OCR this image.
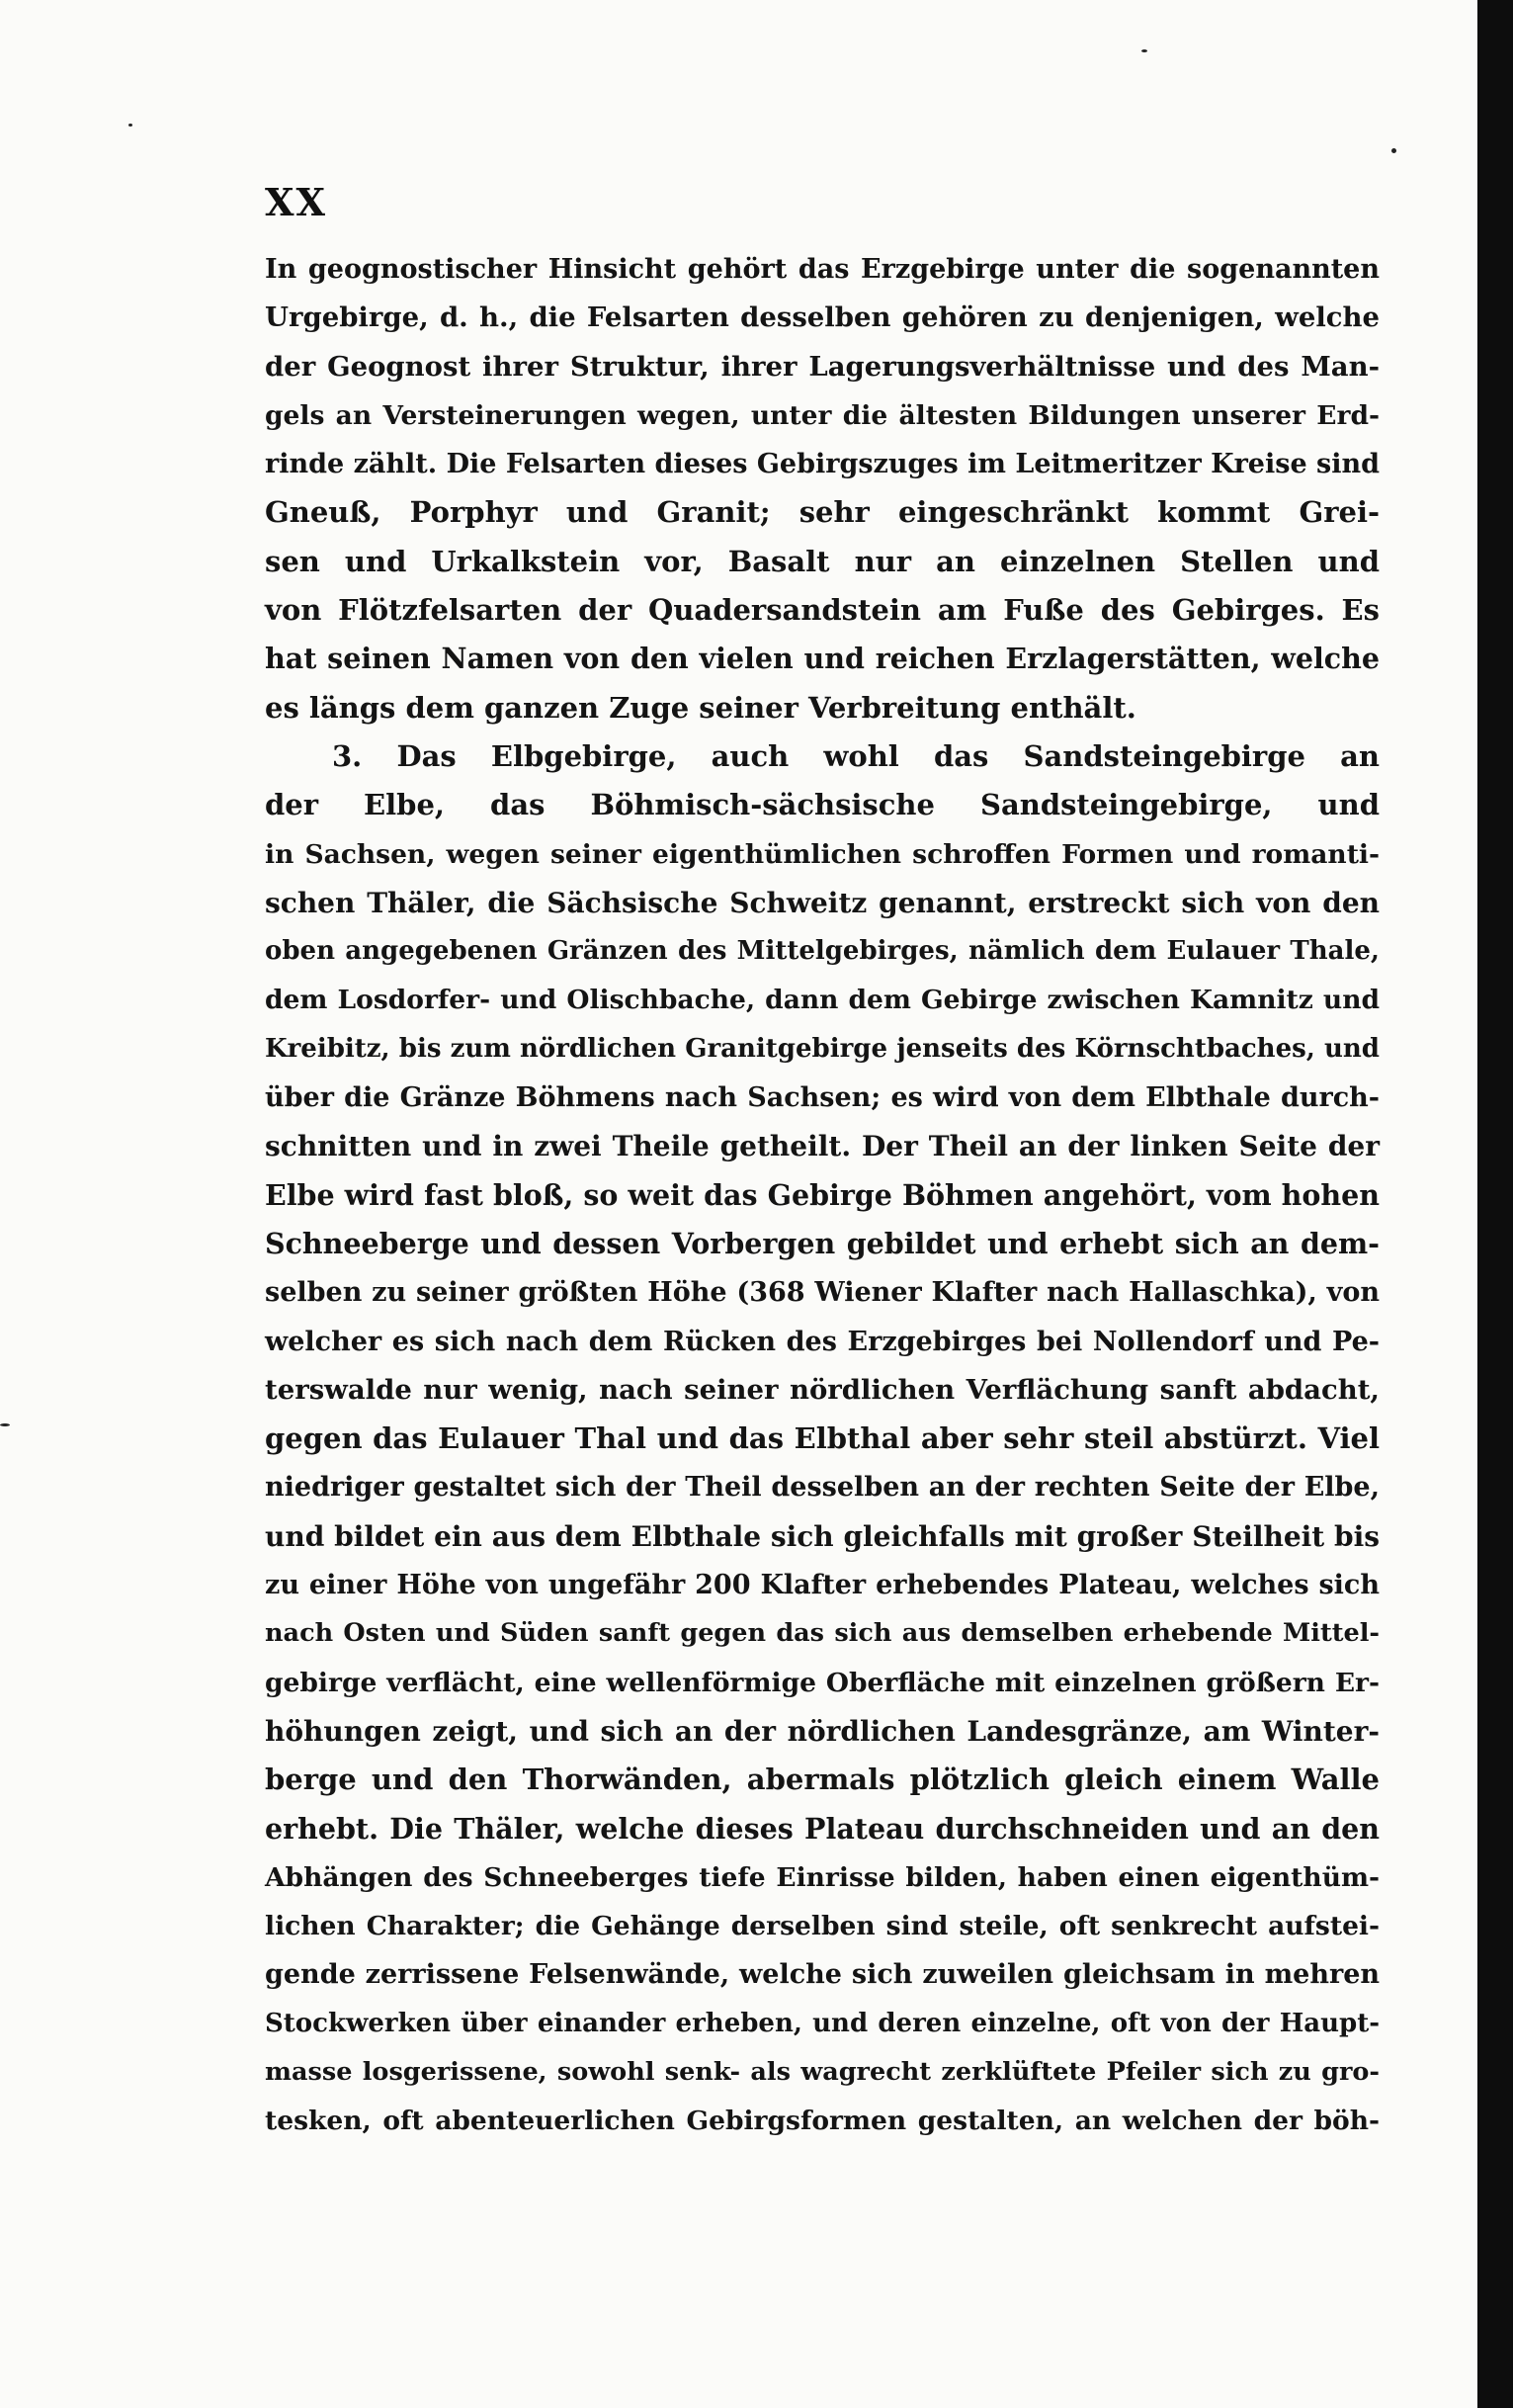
XX

In geognostischer Hinsicht gehört das Erzgebirge unter die sogenannten
Urgebirge, d. h., die Felsarten desselben gehören zu denjenigen, welche
der Geognost ihrer Struktur, ihrer Lagerungsverhältnisse und des Man-
gels an Versteinerungen wegen, unter die ältesten Bildungen unserer Erd-
rinde zählt. Die Felsarten dieses Gebirgszuges im Leitmeritzer Kreise sind
Gneuß, Porphyr und Granit; sehr eingeschränkt kommt Grei-
sen und Urkalkstein vor, Basalt nur an einzelnen Stellen und
von Flötzfelsarten der Quadersandstein am Fuße des Gebirges. Es
hat seinen Namen von den vielen und reichen Erzlagerstätten, welche
es längs dem ganzen Zuge seiner Verbreitung enthält.
3. Das Elbgebirge, auch wohl das Sandsteingebirge an
der Elbe, das Böhmisch-sächsische Sandsteingebirge, und
in Sachsen, wegen seiner eigenthümlichen schroffen Formen und romanti-
schen Thäler, die Sächsische Schweitz genannt, erstreckt sich von den
oben angegebenen Gränzen des Mittelgebirges, nämlich dem Eulauer Thale,
dem Losdorfer- und Olischbache, dann dem Gebirge zwischen Kamnitz und
Kreibitz, bis zum nördlichen Granitgebirge jenseits des Körnschtbaches, und
über die Gränze Böhmens nach Sachsen; es wird von dem Elbthale durch-
schnitten und in zwei Theile getheilt. Der Theil an der linken Seite der
Elbe wird fast bloß, so weit das Gebirge Böhmen angehört, vom hohen
Schneeberge und dessen Vorbergen gebildet und erhebt sich an dem-
selben zu seiner größten Höhe (368 Wiener Klafter nach Hallaschka), von
welcher es sich nach dem Rücken des Erzgebirges bei Nollendorf und Pe-
terswalde nur wenig, nach seiner nördlichen Verflächung sanft abdacht,
gegen das Eulauer Thal und das Elbthal aber sehr steil abstürzt. Viel
niedriger gestaltet sich der Theil desselben an der rechten Seite der Elbe,
und bildet ein aus dem Elbthale sich gleichfalls mit großer Steilheit bis
zu einer Höhe von ungefähr 200 Klafter erhebendes Plateau, welches sich
nach Osten und Süden sanft gegen das sich aus demselben erhebende Mittel-
gebirge verflächt, eine wellenförmige Oberfläche mit einzelnen größern Er-
höhungen zeigt, und sich an der nördlichen Landesgränze, am Winter-
berge und den Thorwänden, abermals plötzlich gleich einem Walle
erhebt. Die Thäler, welche dieses Plateau durchschneiden und an den
Abhängen des Schneeberges tiefe Einrisse bilden, haben einen eigenthüm-
lichen Charakter; die Gehänge derselben sind steile, oft senkrecht aufstei-
gende zerrissene Felsenwände, welche sich zuweilen gleichsam in mehren
Stockwerken über einander erheben, und deren einzelne, oft von der Haupt-
masse losgerissene, sowohl senk- als wagrecht zerklüftete Pfeiler sich zu gro-
tesken, oft abenteuerlichen Gebirgsformen gestalten, an welchen der böh-
